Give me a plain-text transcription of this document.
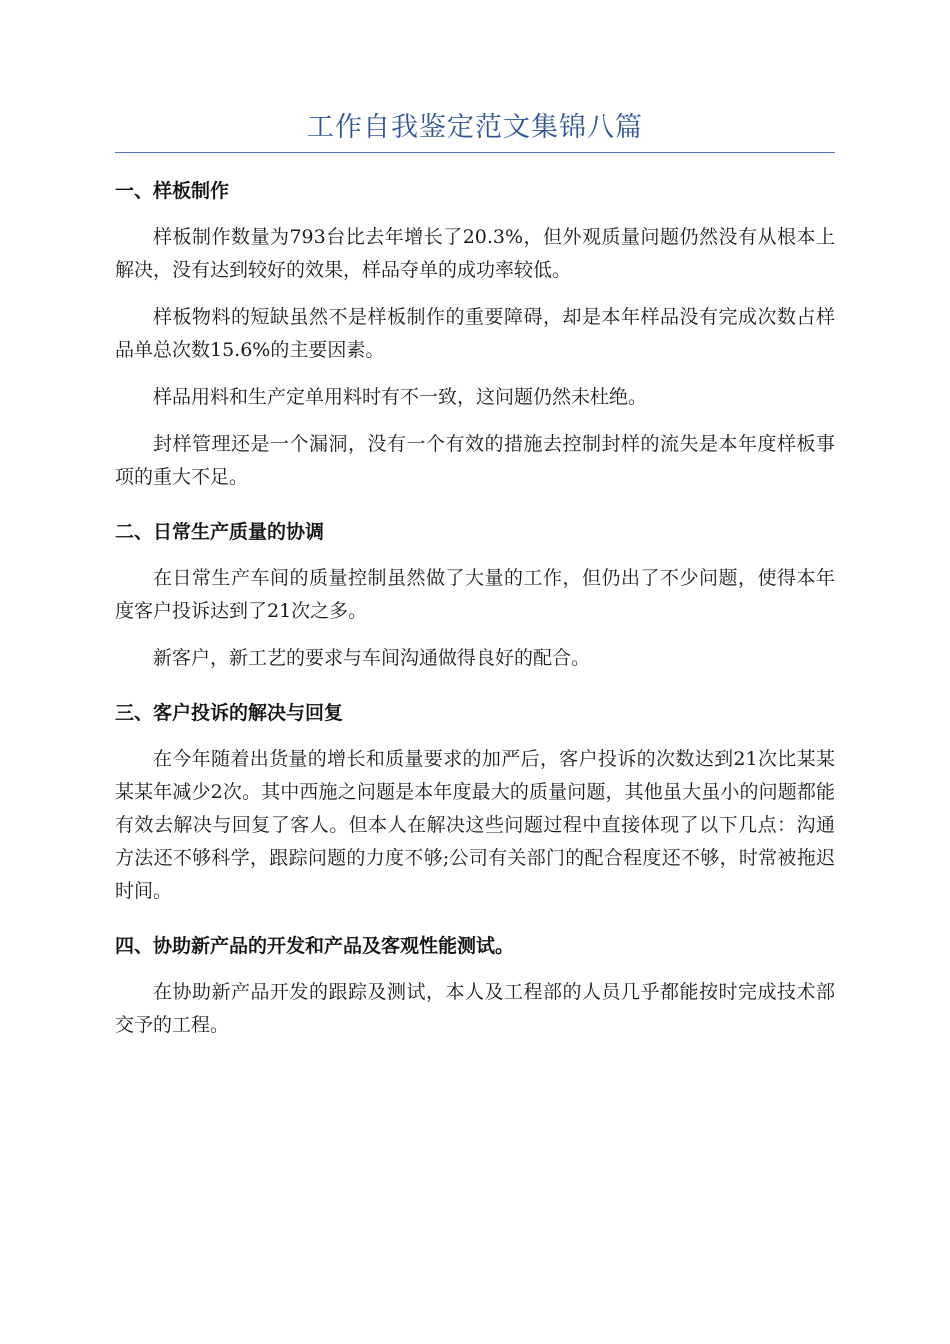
工作自我鉴定范文集锦八篇
一、样板制作

样板制作数量为793台比去年增长了20.3%，但外观质量问题仍然没有从根本上解决，没有达到较好的效果，样品夺单的成功率较低。

样板物料的短缺虽然不是样板制作的重要障碍，却是本年样品没有完成次数占样品单总次数15.6%的主要因素。

样品用料和生产定单用料时有不一致，这问题仍然未杜绝。

封样管理还是一个漏洞，没有一个有效的措施去控制封样的流失是本年度样板事项的重大不足。

二、日常生产质量的协调

在日常生产车间的质量控制虽然做了大量的工作，但仍出了不少问题，使得本年度客户投诉达到了21次之多。

新客户，新工艺的要求与车间沟通做得良好的配合。

三、客户投诉的解决与回复

在今年随着出货量的增长和质量要求的加严后，客户投诉的次数达到21次比某某某某年减少2次。其中西施之问题是本年度最大的质量问题，其他虽大虽小的问题都能有效去解决与回复了客人。但本人在解决这些问题过程中直接体现了以下几点：沟通方法还不够科学，跟踪问题的力度不够;公司有关部门的配合程度还不够，时常被拖迟时间。

四、协助新产品的开发和产品及客观性能测试。

在协助新产品开发的跟踪及测试，本人及工程部的人员几乎都能按时完成技术部交予的工程。
